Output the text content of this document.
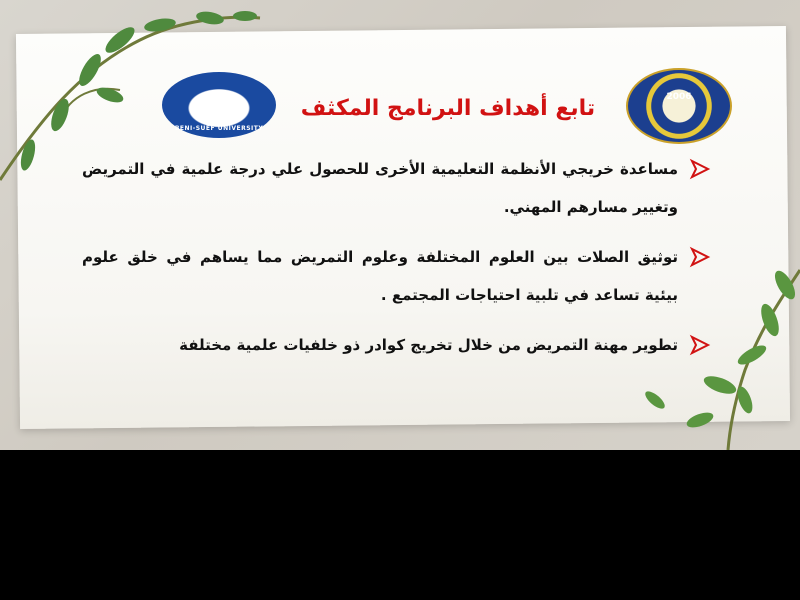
2006
BENI-SUEF UNIVERSITY
تابع أهداف البرنامج المكثف
مساعدة خريجي الأنظمة التعليمية الأخرى للحصول علي درجة علمية في التمريض وتغيير مسارهم المهني.
توثيق الصلات بين العلوم المختلفة وعلوم التمريض مما يساهم في خلق علوم بيئية تساعد في تلبية احتياجات المجتمع .
تطوير مهنة التمريض من خلال تخريج كوادر ذو خلفيات علمية مختلفة
